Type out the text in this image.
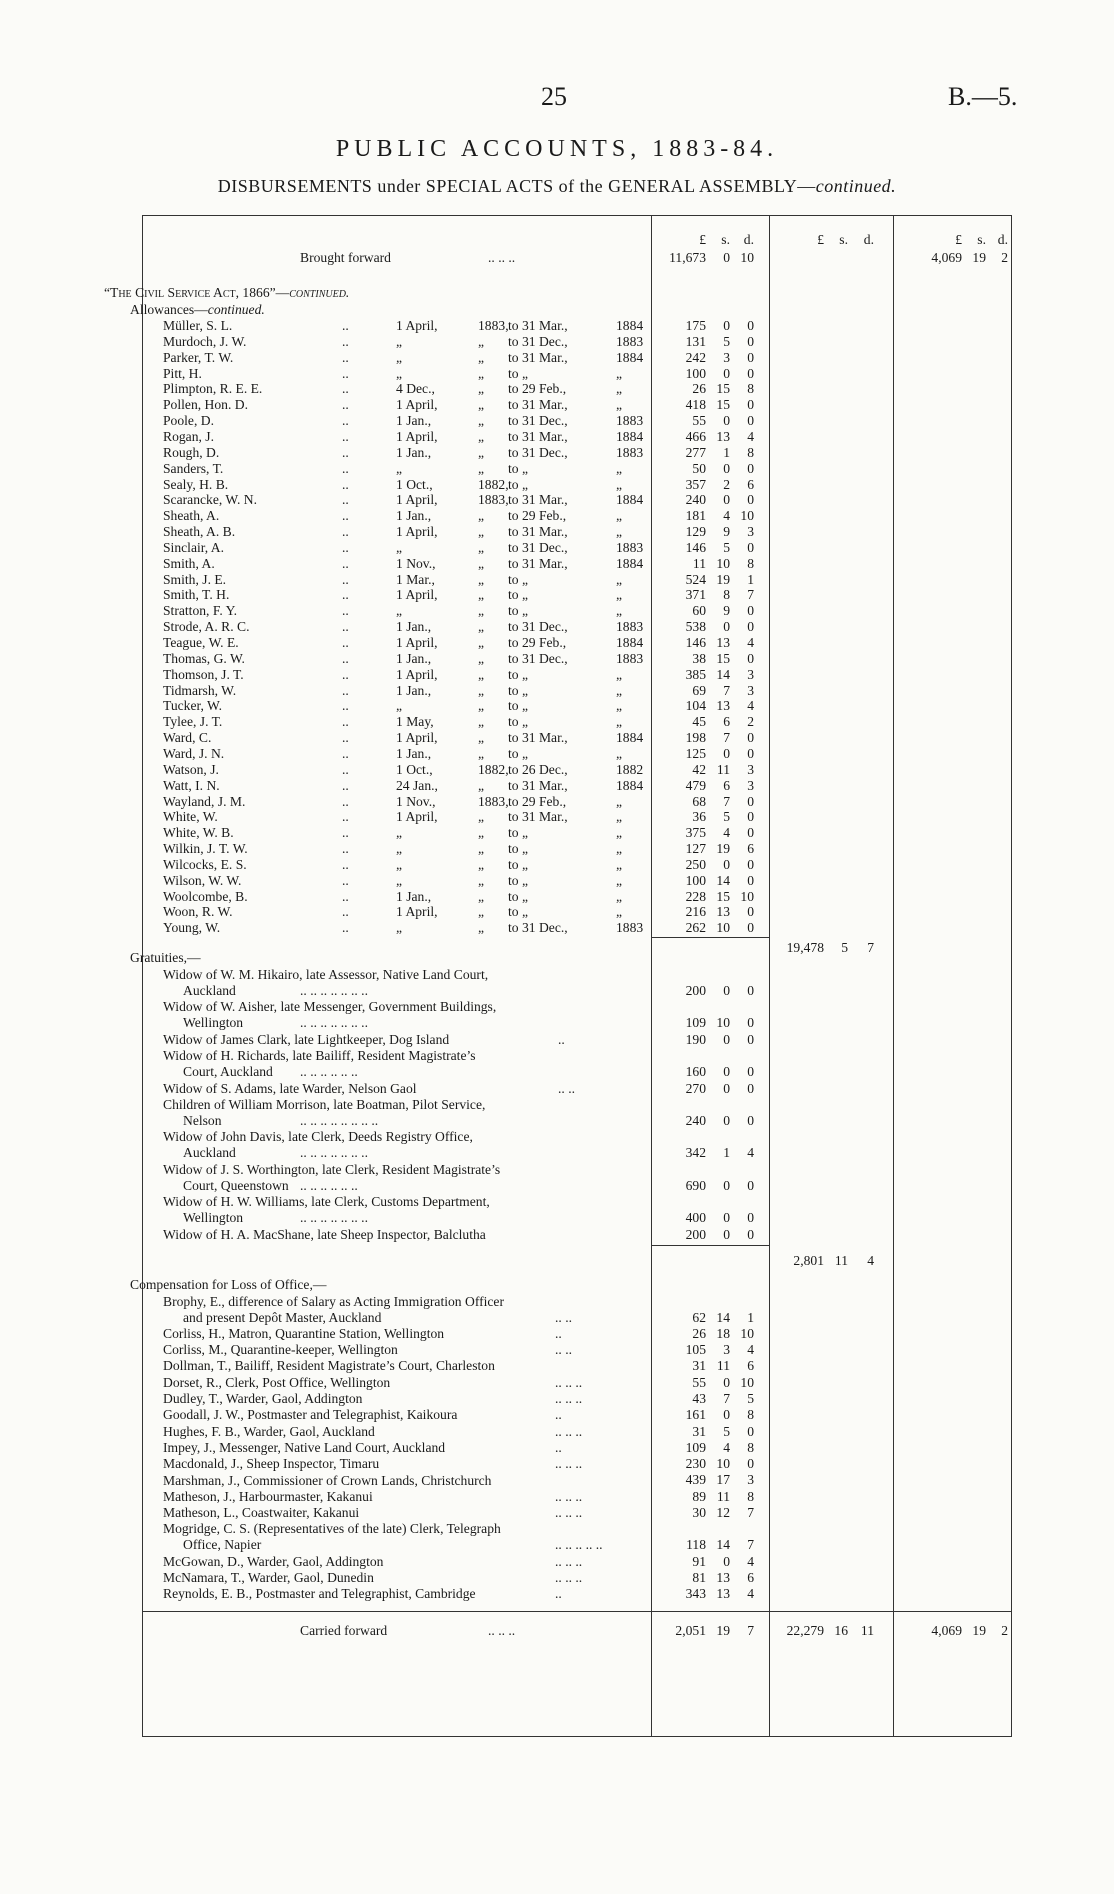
25	B.—5.
PUBLIC ACCOUNTS, 1883-84.
DISBURSEMENTS under SPECIAL ACTS of the GENERAL ASSEMBLY—continued.
£	s.	d.	£	s.	d.	£	s. d.
Brought forward	.. .. ..	11,673	0 10	4,069 19	2
“The Civil Service Act, 1866”—continued.
Allowances—continued.
Müller, S. L.	..	1 April,	1883, to 31 Mar.,	1884	175	0	0
Murdoch, J. W.	..	„	„ to 31 Dec.,	1883	131	5	0
Parker, T. W.	..	„	„ to 31 Mar.,	1884	242	3	0
Pitt, H.	..	„	„ to „	„	100	0	0
Plimpton, R. E. E.	..	4 Dec.,	„ to 29 Feb.,	„	26 15	8
Pollen, Hon. D.	..	1 April,	„ to 31 Mar.,	„	418 15	0
Poole, D.	..	1 Jan.,	„ to 31 Dec.,	1883	55	0	0
Rogan, J.	..	1 April,	„ to 31 Mar.,	1884	466 13	4
Rough, D.	..	1 Jan.,	„ to 31 Dec.,	1883	277	1	8
Sanders, T.	..	„	„ to „	„	50	0	0
Sealy, H. B.	..	1 Oct.,	1882, to „	„	357	2	6
Scarancke, W. N.	..	1 April,	1883, to 31 Mar.,	1884	240	0	0
Sheath, A.	..	1 Jan.,	„ to 29 Feb.,	„	181	4 10
Sheath, A. B.	..	1 April,	„ to 31 Mar.,	„	129	9	3
Sinclair, A.	..	„	„ to 31 Dec.,	1883	146	5	0
Smith, A.	..	1 Nov.,	„ to 31 Mar.,	1884	11 10	8
Smith, J. E.	..	1 Mar.,	„ to „	„	524 19	1
Smith, T. H.	..	1 April,	„ to „	„	371	8	7
Stratton, F. Y.	..	„	„ to „	„	60	9	0
Strode, A. R. C.	..	1 Jan.,	„ to 31 Dec.,	1883	538	0	0
Teague, W. E.	..	1 April,	„ to 29 Feb.,	1884	146 13	4
Thomas, G. W.	..	1 Jan.,	„ to 31 Dec.,	1883	38 15	0
Thomson, J. T.	..	1 April,	„ to „	„	385 14	3
Tidmarsh, W.	..	1 Jan.,	„ to „	„	69	7	3
Tucker, W.	..	„	„ to „	„	104 13	4
Tylee, J. T.	..	1 May,	„ to „	„	45	6	2
Ward, C.	..	1 April,	„ to 31 Mar.,	1884	198	7	0
Ward, J. N.	..	1 Jan.,	„ to „	„	125	0	0
Watson, J.	..	1 Oct.,	1882, to 26 Dec.,	1882	42 11	3
Watt, I. N.	..	24 Jan.,	„ to 31 Mar.,	1884	479	6	3
Wayland, J. M.	..	1 Nov.,	1883, to 29 Feb.,	„	68	7	0
White, W.	..	1 April,	„ to 31 Mar.,	„	36	5	0
White, W. B.	..	„	„ to „	„	375	4	0
Wilkin, J. T. W.	..	„	„ to „	„	127 19	6
Wilcocks, E. S.	..	„	„ to „	„	250	0	0
Wilson, W. W.	..	„	„ to „	„	100 14	0
Woolcombe, B.	..	1 Jan.,	„ to „	„	228 15 10
Woon, R. W.	..	1 April,	„ to „	„	216 13	0
Young, W.	..	„	„ to 31 Dec.,	1883	262 10	0
19,478	5	7
Gratuities,—
Widow of W. M. Hikairo, late Assessor, Native Land Court,
Auckland	.. .. .. .. .. .. ..	200	0	0
Widow of W. Aisher, late Messenger, Government Buildings,
Wellington	.. .. .. .. .. .. ..	109 10	0
Widow of James Clark, late Lightkeeper, Dog Island	..	190	0	0
Widow of H. Richards, late Bailiff, Resident Magistrate’s
Court, Auckland .. .. .. .. .. ..	160	0	0
Widow of S. Adams, late Warder, Nelson Gaol	.. ..	270	0	0
Children of William Morrison, late Boatman, Pilot Service,
Nelson	.. .. .. .. .. .. .. ..	240	0	0
Widow of John Davis, late Clerk, Deeds Registry Office,
Auckland	.. .. .. .. .. .. ..	342	1	4
Widow of J. S. Worthington, late Clerk, Resident Magistrate’s
Court, Queenstown .. .. .. .. .. ..	690	0	0
Widow of H. W. Williams, late Clerk, Customs Department,
Wellington	.. .. .. .. .. .. ..	400	0	0
Widow of H. A. MacShane, late Sheep Inspector, Balclutha	200	0	0
2,801 11	4
Compensation for Loss of Office,—
Brophy, E., difference of Salary as Acting Immigration Officer
and present Depôt Master, Auckland	.. ..	62 14	1
Corliss, H., Matron, Quarantine Station, Wellington	..	26 18 10
Corliss, M., Quarantine-keeper, Wellington	.. ..	105	3	4
Dollman, T., Bailiff, Resident Magistrate’s Court, Charleston	31 11	6
Dorset, R., Clerk, Post Office, Wellington	.. .. ..	55	0 10
Dudley, T., Warder, Gaol, Addington	.. .. ..	43	7	5
Goodall, J. W., Postmaster and Telegraphist, Kaikoura	..	161	0	8
Hughes, F. B., Warder, Gaol, Auckland	.. .. ..	31	5	0
Impey, J., Messenger, Native Land Court, Auckland	..	109	4	8
Macdonald, J., Sheep Inspector, Timaru	.. .. ..	230 10	0
Marshman, J., Commissioner of Crown Lands, Christchurch	439 17	3
Matheson, J., Harbourmaster, Kakanui	.. .. ..	89 11	8
Matheson, L., Coastwaiter, Kakanui	.. .. ..	30 12	7
Mogridge, C. S. (Representatives of the late) Clerk, Telegraph
Office, Napier	.. .. .. .. ..	118 14	7
McGowan, D., Warder, Gaol, Addington	.. .. ..	91	0	4
McNamara, T., Warder, Gaol, Dunedin	.. .. ..	81 13	6
Reynolds, E. B., Postmaster and Telegraphist, Cambridge	..	343 13	4
Carried forward	.. .. ..	2,051 19	7	22,279 16 11	4,069 19	2
